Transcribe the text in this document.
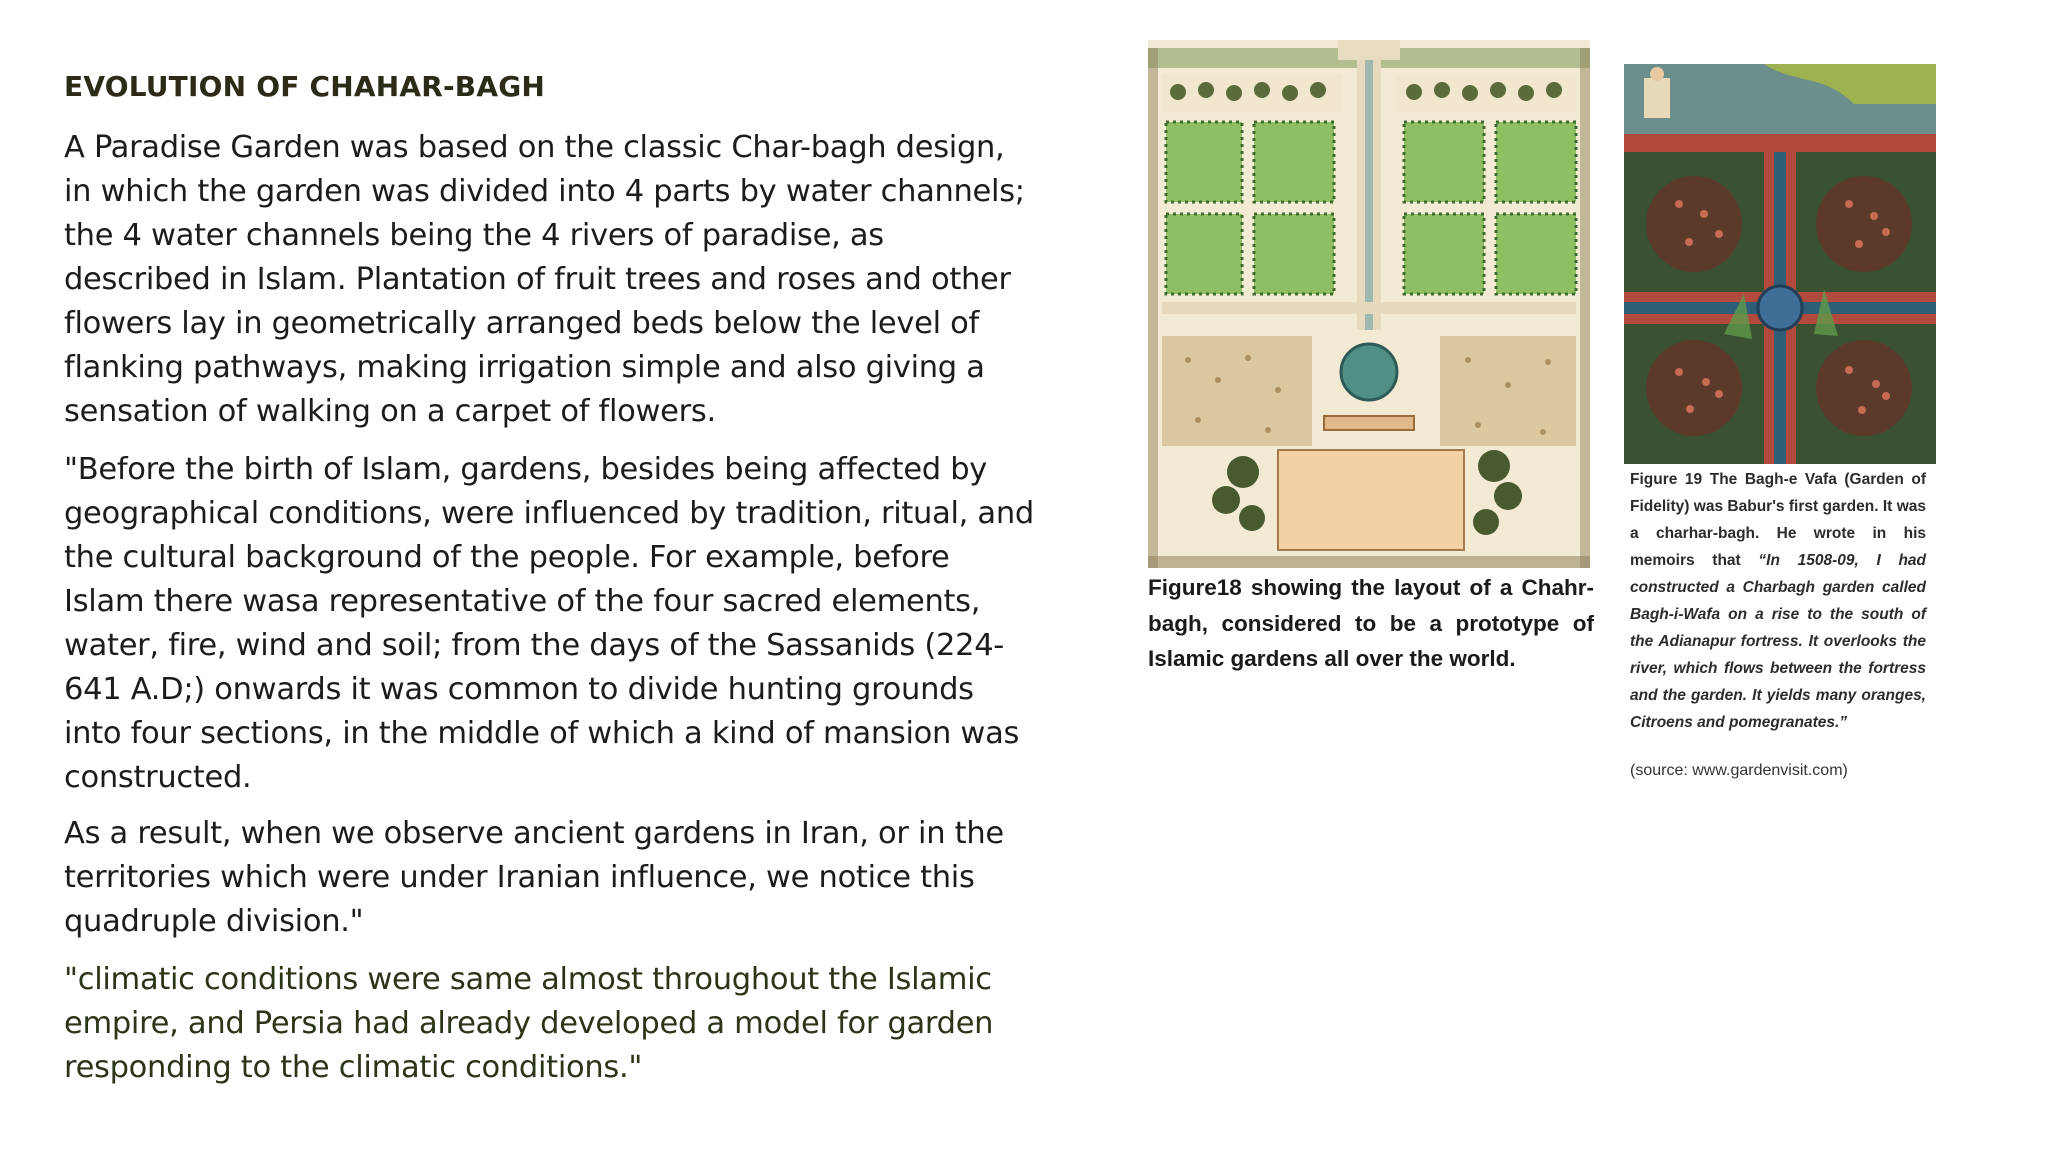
EVOLUTION OF CHAHAR-BAGH

A Paradise Garden was based on the classic Char-bagh design, in which the garden was divided into 4 parts by water channels; the 4 water channels being the 4 rivers of paradise, as described in Islam. Plantation of fruit trees and roses and other flowers lay in geometrically arranged beds below the level of flanking pathways, making irrigation simple and also giving a sensation of walking on a carpet of flowers.

"Before the birth of Islam, gardens, besides being affected by geographical conditions, were influenced by tradition, ritual, and the cultural background of the people. For example, before Islam there wasa representative of the four sacred elements, water, fire, wind and soil; from the days of the Sassanids (224-641 A.D;) onwards it was common to divide hunting grounds into four sections, in the middle of which a kind of mansion was constructed.

As a result, when we observe ancient gardens in Iran, or in the territories which were under Iranian influence, we notice this quadruple division."

"climatic conditions were same almost throughout the Islamic empire, and Persia had already developed a model for garden responding to the climatic conditions."

Figure18 showing the layout of a Chahr- bagh, considered to be a prototype of Islamic gardens all over the world.

Figure 19 The Bagh-e Vafa (Garden of Fidelity) was Babur's first garden. It was a charhar-bagh. He wrote in his memoirs that “In 1508-09, I had constructed a Charbagh garden called Bagh-i-Wafa on a rise to the south of the Adianapur fortress. It overlooks the river, which flows between the fortress and the garden. It yields many oranges, Citroens and pomegranates.”

(source: www.gardenvisit.com)
